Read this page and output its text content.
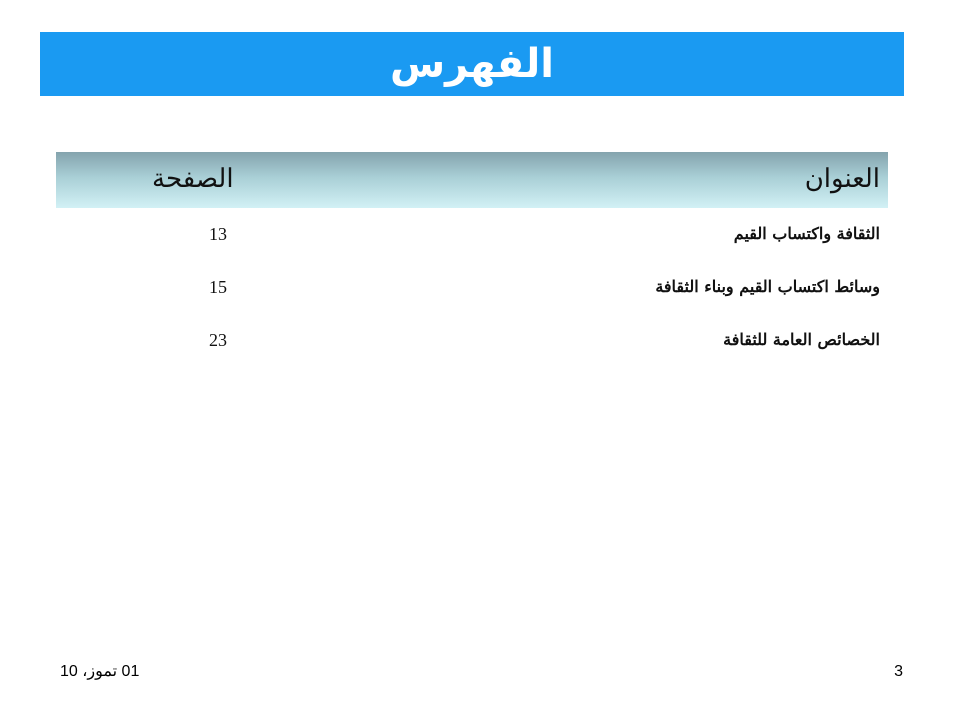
الفهرس
العنوان
الصفحة
الثقافة واكتساب القيم
13
وسائط اكتساب القيم وبناء الثقافة
15
الخصائص العامة للثقافة
23
01 تموز، 10	3
